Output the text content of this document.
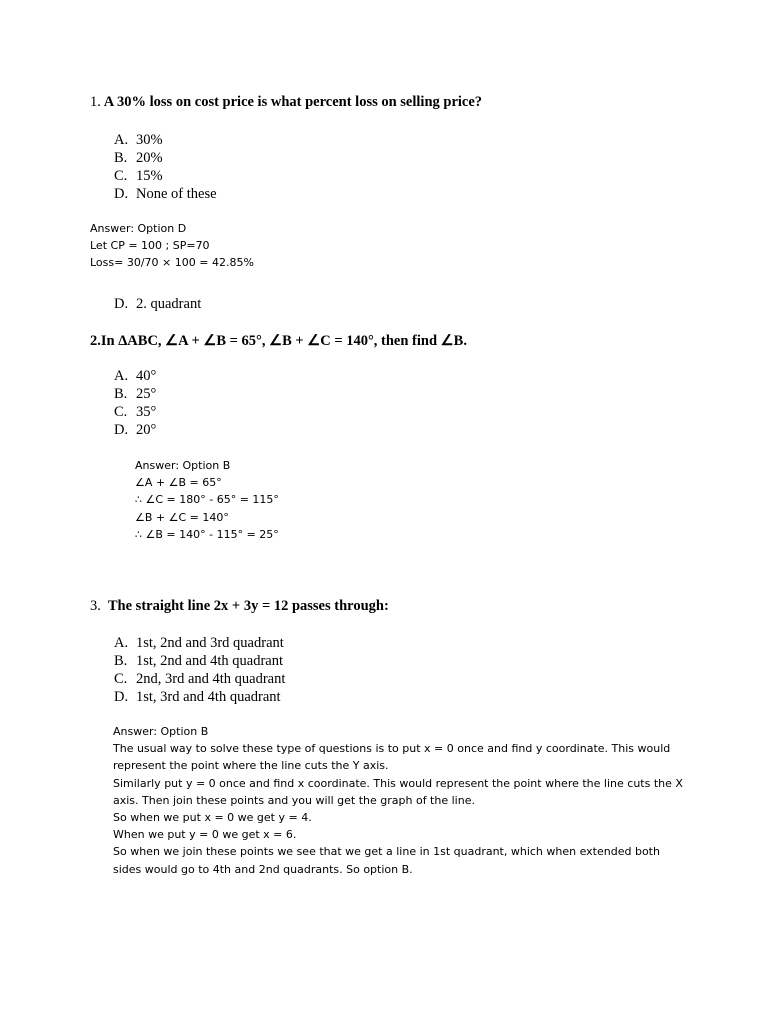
1. A 30% loss on cost price is what percent loss on selling price?
A. 30%
B. 20%
C. 15%
D. None of these
Answer: Option D
Let CP = 100 ; SP=70
Loss= 30/70 × 100 = 42.85%
D. 2. quadrant
2.In ΔABC, ∠A + ∠B = 65°, ∠B + ∠C = 140°, then find ∠B.
A. 40°
B. 25°
C. 35°
D. 20°
Answer: Option B
∠A + ∠B = 65°
∴ ∠C = 180° - 65° = 115°
∠B + ∠C = 140°
∴ ∠B = 140° - 115° = 25°
3. The straight line 2x + 3y = 12 passes through:
A. 1st, 2nd and 3rd quadrant
B. 1st, 2nd and 4th quadrant
C. 2nd, 3rd and 4th quadrant
D. 1st, 3rd and 4th quadrant
Answer: Option B
The usual way to solve these type of questions is to put x = 0 once and find y coordinate. This would represent the point where the line cuts the Y axis.
Similarly put y = 0 once and find x coordinate. This would represent the point where the line cuts the X axis. Then join these points and you will get the graph of the line.
So when we put x = 0 we get y = 4.
When we put y = 0 we get x = 6.
So when we join these points we see that we get a line in 1st quadrant, which when extended both sides would go to 4th and 2nd quadrants. So option B.
